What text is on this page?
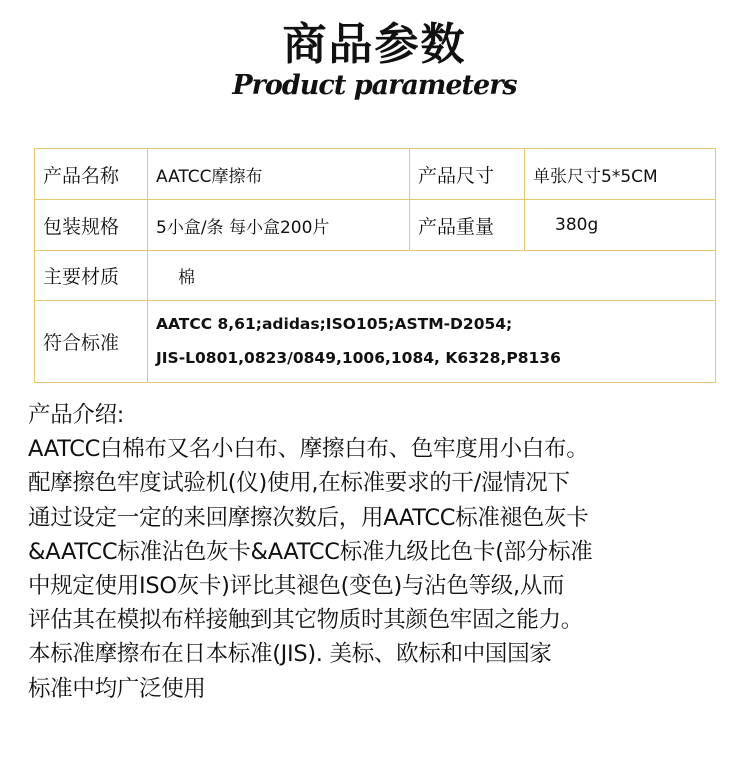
商品参数
Product parameters
产品名称	AATCC摩擦布	产品尺寸	单张尺寸5*5CM
包装规格	5小盒/条 每小盒200片	产品重量	380g
主要材质	棉		
符合标准	AATCC 8,61;adidas;ISO105;ASTM-D2054;
JIS-L0801,0823/0849,1006,1084, K6328,P8136		
产品介绍:
AATCC白棉布又名小白布、摩擦白布、色牢度用小白布。
配摩擦色牢度试验机(仪)使用,在标准要求的干/湿情况下
通过设定一定的来回摩擦次数后，用AATCC标准褪色灰卡
&AATCC标准沾色灰卡&AATCC标准九级比色卡(部分标准
中规定使用ISO灰卡)评比其褪色(变色)与沾色等级,从而
评估其在模拟布样接触到其它物质时其颜色牢固之能力。
本标准摩擦布在日本标准(JIS). 美标、欧标和中国国家
标准中均广泛使用
